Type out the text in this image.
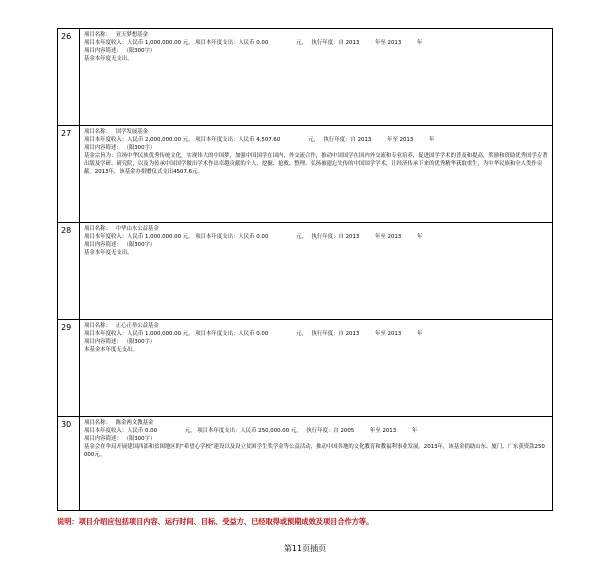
26	项目名称： 亚天梦想基金
项目本年度收入：人民币 1,000,000.00 元， 项目本年度支出：人民币 0.00	元， 执行年度：自 2013	年至 2013	年
项目内容简述： （限300字）
基金本年度无支出。
27	项目名称： 国学发展基金
项目本年度收入：人民币 2,000,000.00 元， 项目本年度支出：人民币 4,507.60	元， 执行年度：自 2013	年至 2013	年
项目内容简述： （限300字）
基金宗旨为：宣扬中华民族优秀传统文化，实现伟大的中国梦，加强中国国学在国内、外交流合作，推动中国国学在国内外交流和专业培养，促进国学学术的普及和提高，奖励和资助优秀国学专著出版及学研、研究院，以及为传承中国国学做出学术作出卓越贡献的个人，挖掘、抢救、整理、弘扬被遗忘失传的中国国学学术，让经济传承下来的优秀精华获取重生，为中华民族和全人类作贡献。2013年，该基金办捐赠仪式支出4507.6元。
28	项目名称： 中华山水公益基金
项目本年度收入：人民币 1,000,000.00 元， 项目本年度支出：人民币 0.00	元， 执行年度：自 2013	年至 2013	年
项目内容简述： （限300字）
基金本年度无支出。
29	项目名称： 正心正举公益基金
项目本年度收入：人民币 1,000,000.00 元， 项目本年度支出：人民币 0.00	元， 执行年度：自 2013	年至 2013	年
项目内容简述： （限300字）
本基金本年度无支出。
30	项目名称： 陈金两文教基金
项目本年度收入：人民币 0.00	元， 项目本年度支出：人民币 250,000.00 元， 执行年度：自 2005	年至 2013	年
项目内容简述： （限300字）
基金会在伞局开展建国西部和贫困地区的“希望心学校”建设以及设立贫困学生奖学金等公益活动，推动中国各地的文化教育和教福利事业发展。2013年，该基金捐助山东、厦门、广东获资款250000元。
说明：项目介绍应包括项目内容、运行时间、目标、受益方、已经取得或预期成效及项目合作方等。
第11页插页
